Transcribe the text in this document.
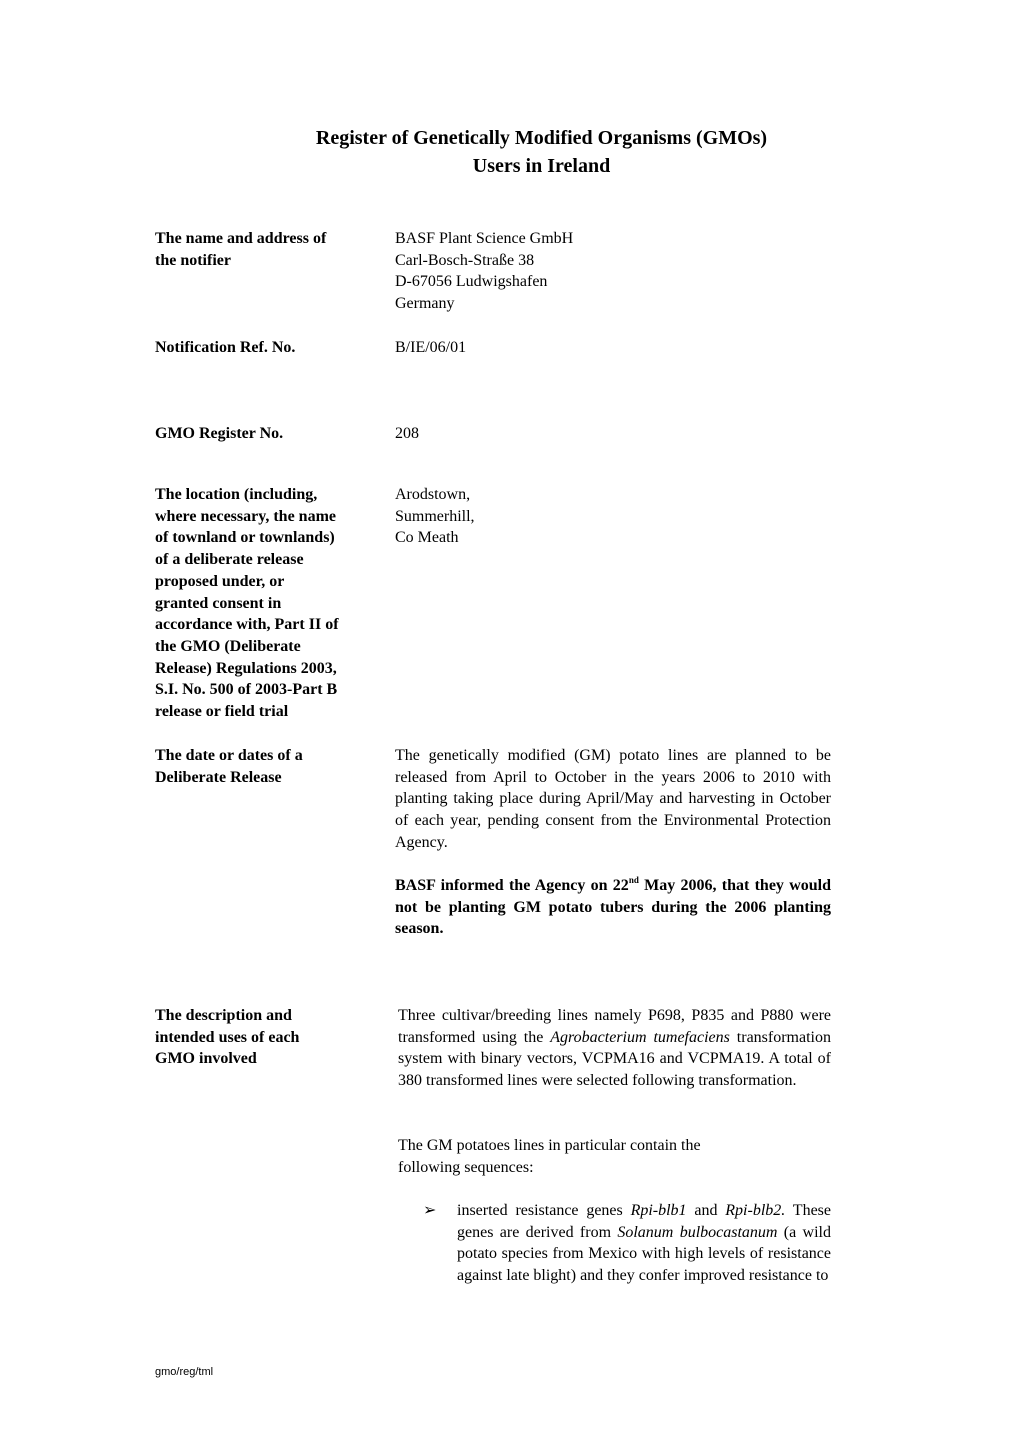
Register of Genetically Modified Organisms (GMOs)
Users in Ireland
The name and address of
the notifier
BASF Plant Science GmbH
Carl-Bosch-Straße 38
D-67056 Ludwigshafen
Germany
Notification Ref. No.	B/IE/06/01
GMO Register No.	208
The location (including,
where necessary, the name
of townland or townlands)
of a deliberate release
proposed under, or
granted consent in
accordance with, Part II of
the GMO (Deliberate
Release) Regulations 2003,
S.I. No. 500 of 2003-Part B
release or field trial
Arodstown,
Summerhill,
Co Meath
The date or dates of a
Deliberate Release
The genetically modified (GM) potato lines are planned to be released from April to October in the years 2006 to 2010 with planting taking place during April/May and harvesting in October of each year, pending consent from the Environmental Protection Agency.
BASF informed the Agency on 22nd May 2006, that they would not be planting GM potato tubers during the 2006 planting season.
The description and
intended uses of each
GMO involved
Three cultivar/breeding lines namely P698, P835 and P880 were transformed using the Agrobacterium tumefaciens transformation system with binary vectors, VCPMA16 and VCPMA19. A total of 380 transformed lines were selected following transformation.
The GM potatoes lines in particular contain the
following sequences:
➢ inserted resistance genes Rpi-blb1 and Rpi-blb2. These genes are derived from Solanum bulbocastanum (a wild potato species from Mexico with high levels of resistance against late blight) and they confer improved resistance to
gmo/reg/tml
